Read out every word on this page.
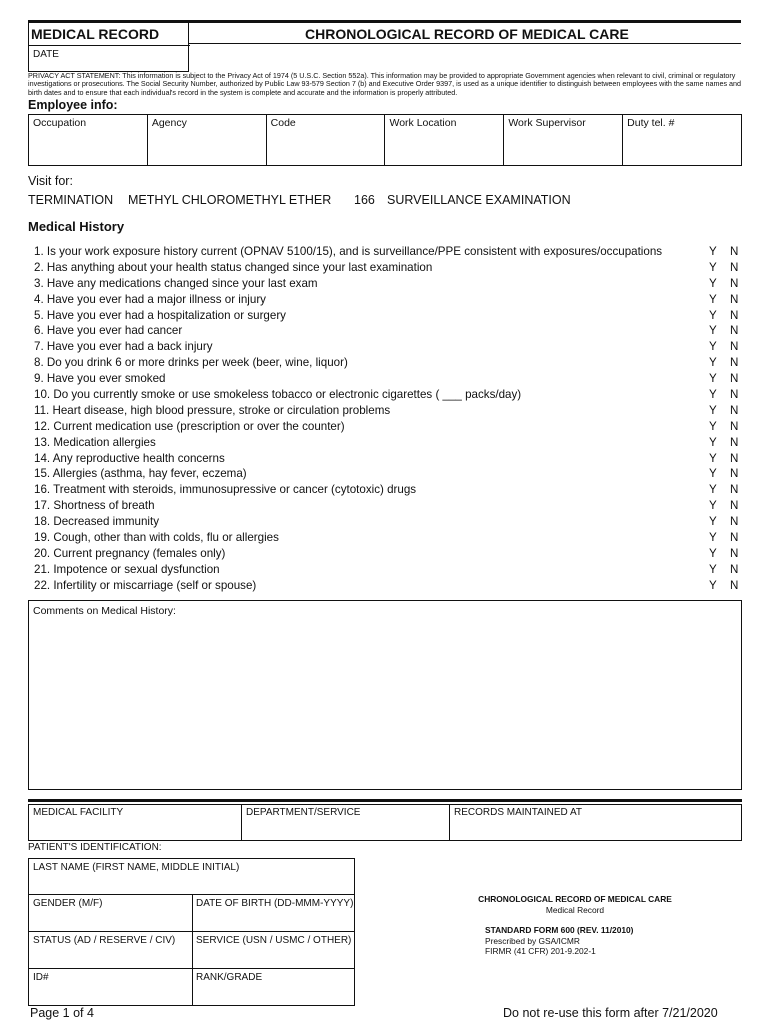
MEDICAL RECORD
DATE
CHRONOLOGICAL RECORD OF MEDICAL CARE
PRIVACY ACT STATEMENT: This information is subject to the Privacy Act of 1974 (5 U.S.C. Section 552a). This information may be provided to appropriate Government agencies when relevant to civil, criminal or regulatory investigations or prosecutions. The Social Security Number, authorized by Public Law 93-579 Section 7 (b) and Executive Order 9397, is used as a unique identifier to distinguish between employees with the same names and birth dates and to ensure that each individual's record in the system is complete and accurate and the information is properly attributed.
Employee info:
Occupation	Agency	Code	Work Location	Work Supervisor	Duty tel. #
Visit for:
TERMINATION METHYL CHLOROMETHYL ETHER 166 SURVEILLANCE EXAMINATION
Medical History
1. Is your work exposure history current (OPNAV 5100/15), and is surveillance/PPE consistent with exposures/occupations	Y N
2. Has anything about your health status changed since your last examination	Y N
3. Have any medications changed since your last exam	Y N
4. Have you ever had a major illness or injury	Y N
5. Have you ever had a hospitalization or surgery	Y N
6. Have you ever had cancer	Y N
7. Have you ever had a back injury	Y N
8. Do you drink 6 or more drinks per week (beer, wine, liquor)	Y N
9. Have you ever smoked	Y N
10. Do you currently smoke or use smokeless tobacco or electronic cigarettes ( ___ packs/day)	Y N
11. Heart disease, high blood pressure, stroke or circulation problems	Y N
12. Current medication use (prescription or over the counter)	Y N
13. Medication allergies	Y N
14. Any reproductive health concerns	Y N
15. Allergies (asthma, hay fever, eczema)	Y N
16. Treatment with steroids, immunosupressive or cancer (cytotoxic) drugs	Y N
17. Shortness of breath	Y N
18. Decreased immunity	Y N
19. Cough, other than with colds, flu or allergies	Y N
20. Current pregnancy (females only)	Y N
21. Impotence or sexual dysfunction	Y N
22. Infertility or miscarriage (self or spouse)	Y N
Comments on Medical History:
MEDICAL FACILITY	DEPARTMENT/SERVICE	RECORDS MAINTAINED AT
PATIENT'S IDENTIFICATION:
LAST NAME (FIRST NAME, MIDDLE INITIAL)
GENDER (M/F)	DATE OF BIRTH (DD-MMM-YYYY)
STATUS (AD / RESERVE / CIV) SERVICE (USN / USMC / OTHER)
ID#	RANK/GRADE
CHRONOLOGICAL RECORD OF MEDICAL CARE
Medical Record
STANDARD FORM 600 (REV. 11/2010)
Prescribed by GSA/ICMR
FIRMR (41 CFR) 201-9.202-1
Page 1 of 4	Do not re-use this form after 7/21/2020
